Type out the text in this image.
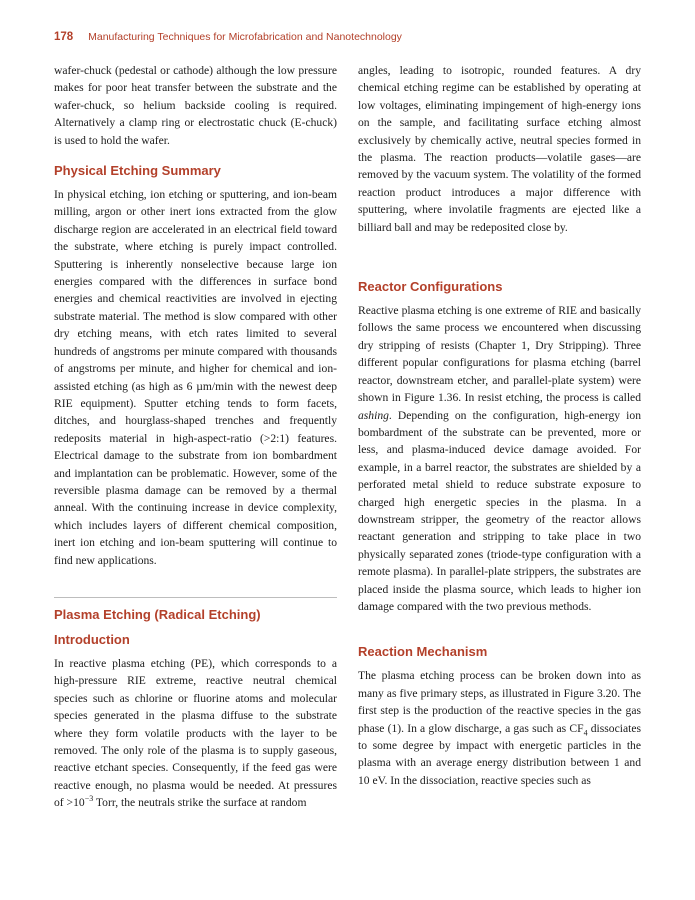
178 Manufacturing Techniques for Microfabrication and Nanotechnology

wafer-chuck (pedestal or cathode) although the low pressure makes for poor heat transfer between the substrate and the wafer-chuck, so helium backside cooling is required. Alternatively a clamp ring or electrostatic chuck (E-chuck) is used to hold the wafer.

Physical Etching Summary

In physical etching, ion etching or sputtering, and ion-beam milling, argon or other inert ions extracted from the glow discharge region are accelerated in an electrical field toward the substrate, where etching is purely impact controlled. Sputtering is inherently nonselective because large ion energies compared with the differences in surface bond energies and chemical reactivities are involved in ejecting substrate material. The method is slow compared with other dry etching means, with etch rates limited to several hundreds of angstroms per minute compared with thousands of angstroms per minute, and higher for chemical and ion-assisted etching (as high as 6 µm/min with the newest deep RIE equipment). Sputter etching tends to form facets, ditches, and hourglass-shaped trenches and frequently redeposits material in high-aspect-ratio (>2:1) features. Electrical damage to the substrate from ion bombardment and implantation can be problematic. However, some of the reversible plasma damage can be removed by a thermal anneal. With the continuing increase in device complexity, which includes layers of different chemical composition, inert ion etching and ion-beam sputtering will continue to find new applications.

Plasma Etching (Radical Etching)
Introduction

In reactive plasma etching (PE), which corresponds to a high-pressure RIE extreme, reactive neutral chemical species such as chlorine or fluorine atoms and molecular species generated in the plasma diffuse to the substrate where they form volatile products with the layer to be removed. The only role of the plasma is to supply gaseous, reactive etchant species. Consequently, if the feed gas were reactive enough, no plasma would be needed. At pressures of $>10^{-3}$ Torr, the neutrals strike the surface at random

angles, leading to isotropic, rounded features. A dry chemical etching regime can be established by operating at low voltages, eliminating impingement of high-energy ions on the sample, and facilitating surface etching almost exclusively by chemically active, neutral species formed in the plasma. The reaction products—volatile gases—are removed by the vacuum system. The volatility of the formed reaction product introduces a major difference with sputtering, where involatile fragments are ejected like a billiard ball and may be redeposited close by.

Reactor Configurations

Reactive plasma etching is one extreme of RIE and basically follows the same process we encountered when discussing dry stripping of resists (Chapter 1, Dry Stripping). Three different popular configurations for plasma etching (barrel reactor, downstream etcher, and parallel-plate system) were shown in Figure 1.36. In resist etching, the process is called ashing. Depending on the configuration, high-energy ion bombardment of the substrate can be prevented, more or less, and plasma-induced device damage avoided. For example, in a barrel reactor, the substrates are shielded by a perforated metal shield to reduce substrate exposure to charged high energetic species in the plasma. In a downstream stripper, the geometry of the reactor allows reactant generation and stripping to take place in two physically separated zones (triode-type configuration with a remote plasma). In parallel-plate strippers, the substrates are placed inside the plasma source, which leads to higher ion damage compared with the two previous methods.

Reaction Mechanism

The plasma etching process can be broken down into as many as five primary steps, as illustrated in Figure 3.20. The first step is the production of the reactive species in the gas phase (1). In a glow discharge, a gas such as $CF_4$ dissociates to some degree by impact with energetic particles in the plasma with an average energy distribution between 1 and 10 eV. In the dissociation, reactive species such as
